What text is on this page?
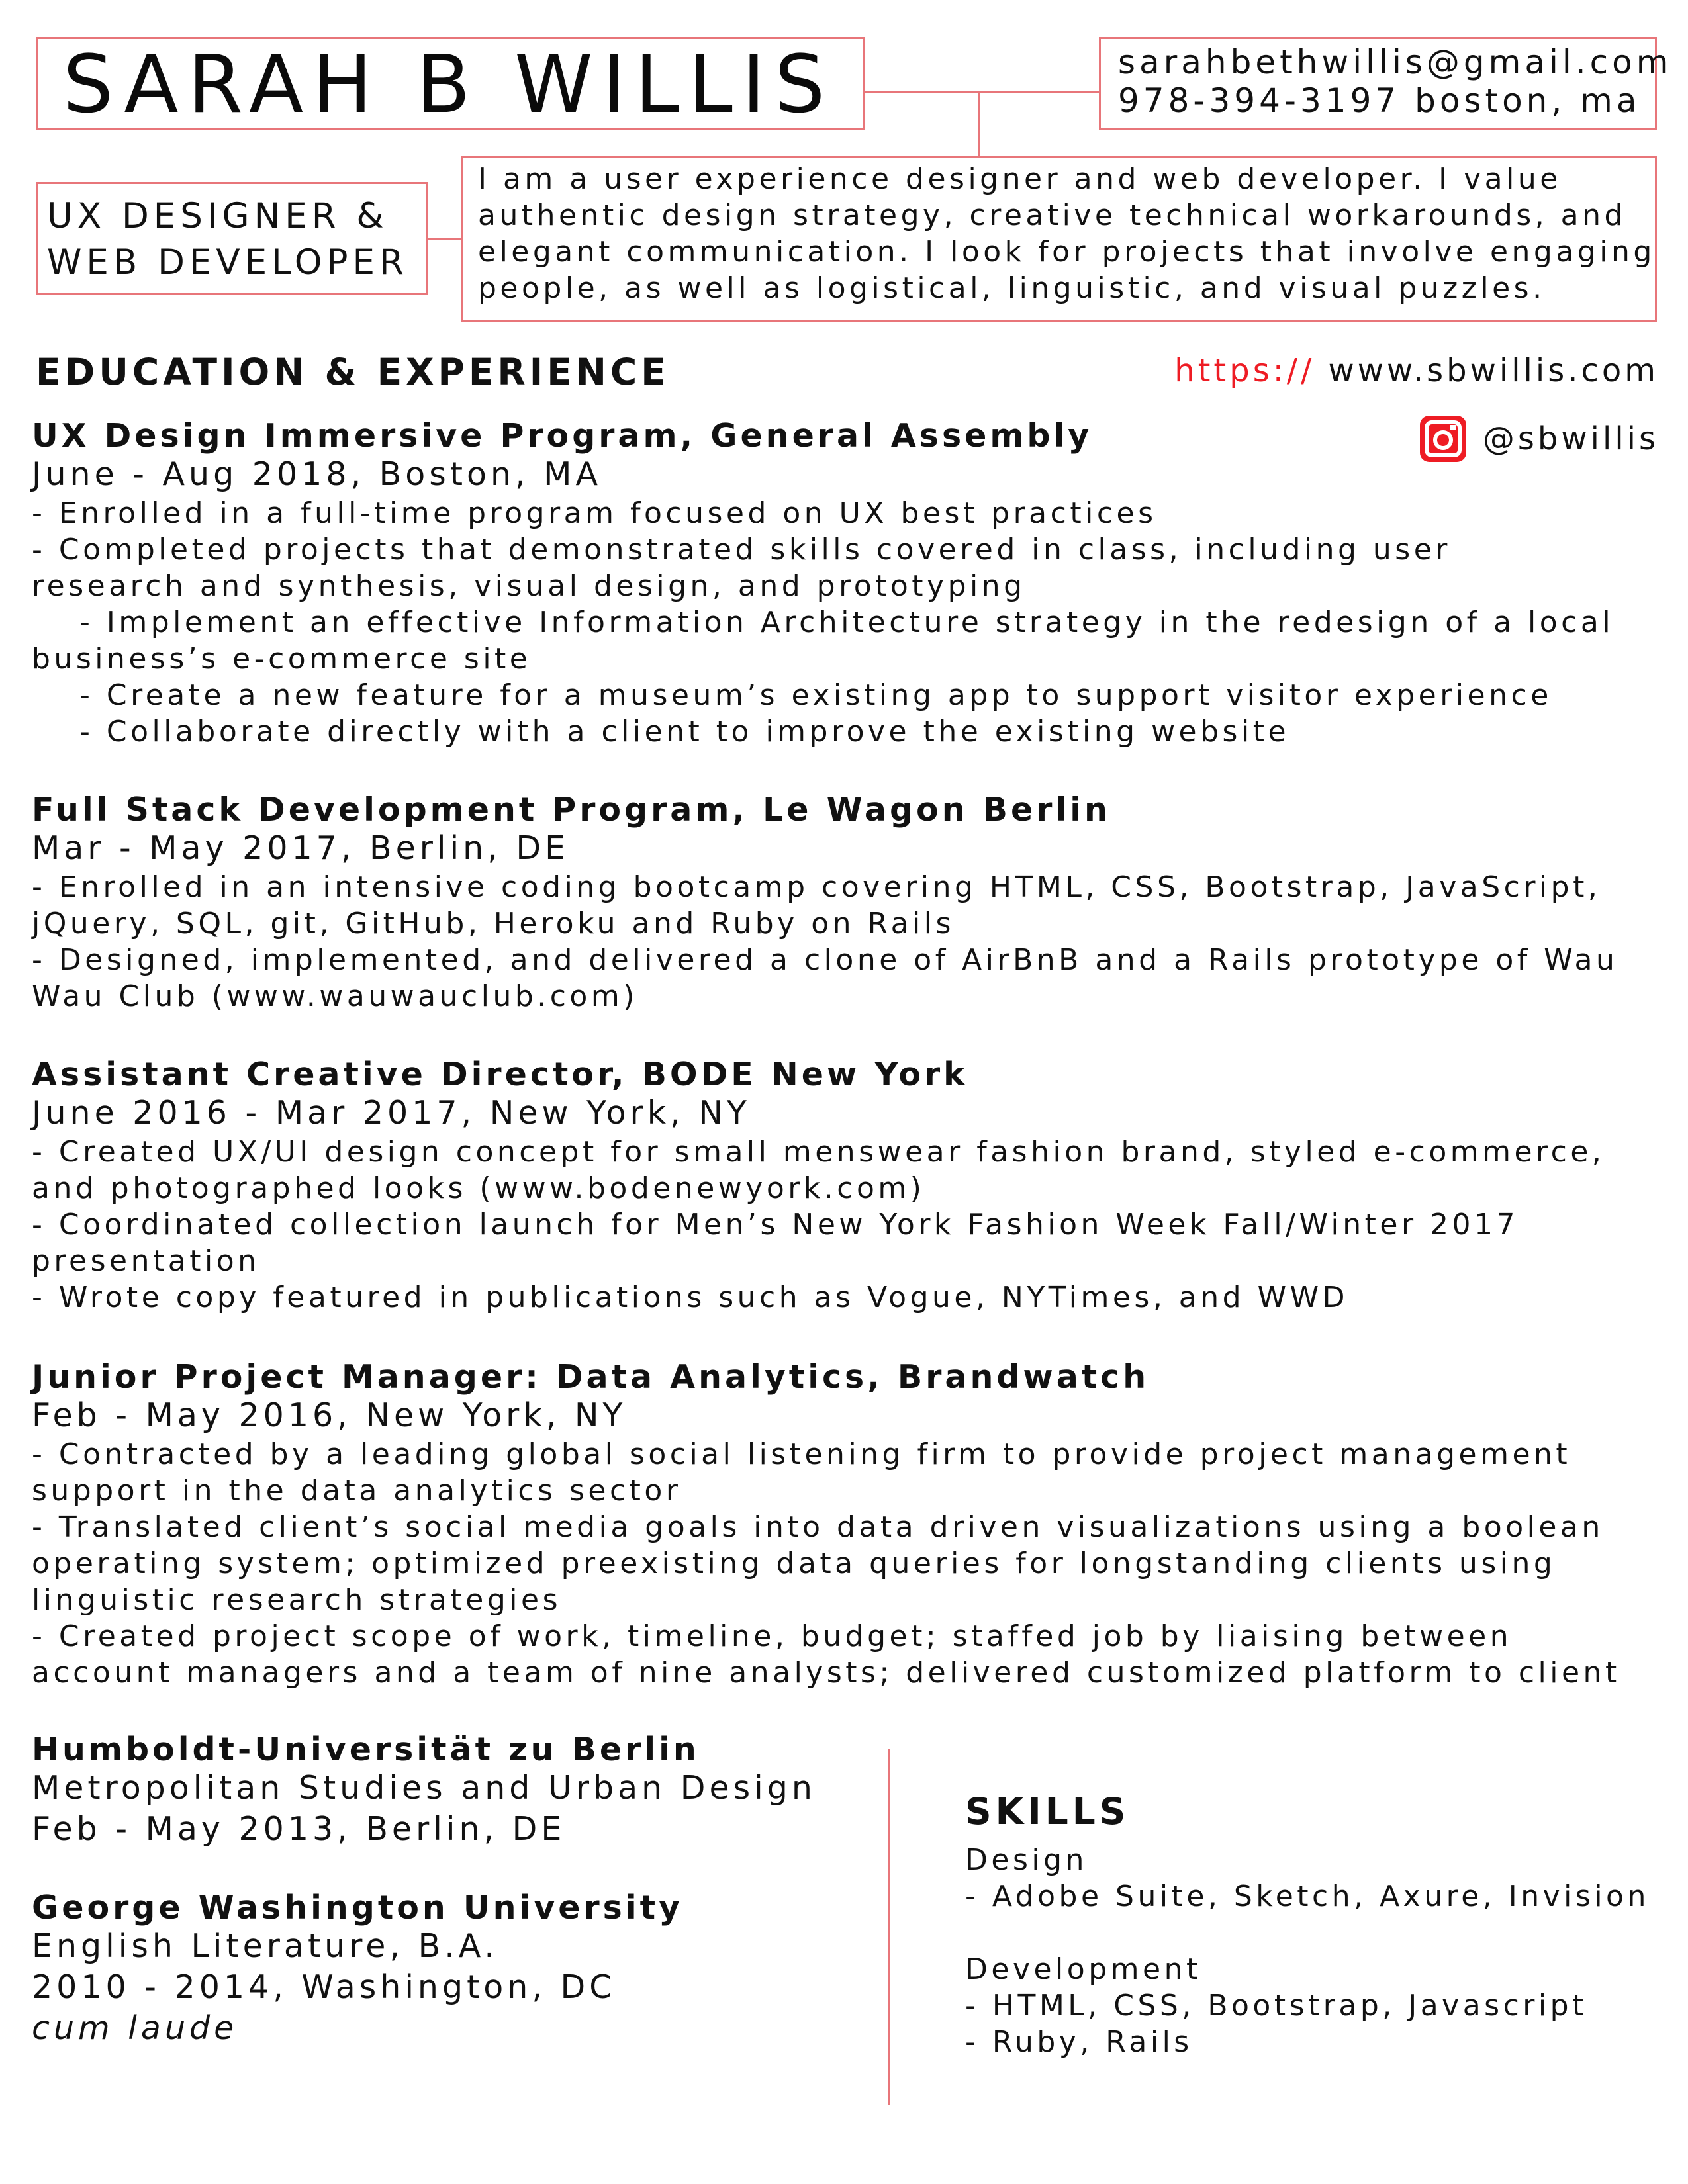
SARAH B WILLIS	sarahbethwillis@gmail.com
978-394-3197 boston, ma
UX DESIGNER &
WEB DEVELOPER
I am a user experience designer and web developer. I value
authentic design strategy, creative technical workarounds, and
elegant communication. I look for projects that involve engaging
people, as well as logistical, linguistic, and visual puzzles.
EDUCATION & EXPERIENCE	https:// www.sbwillis.com
@sbwillis
UX Design Immersive Program, General Assembly
June - Aug 2018, Boston, MA
- Enrolled in a full-time program focused on UX best practices
- Completed projects that demonstrated skills covered in class, including user
research and synthesis, visual design, and prototyping
- Implement an effective Information Architecture strategy in the redesign of a local
business’s e-commerce site
- Create a new feature for a museum’s existing app to support visitor experience
- Collaborate directly with a client to improve the existing website
Full Stack Development Program, Le Wagon Berlin
Mar - May 2017, Berlin, DE
- Enrolled in an intensive coding bootcamp covering HTML, CSS, Bootstrap, JavaScript,
jQuery, SQL, git, GitHub, Heroku and Ruby on Rails
- Designed, implemented, and delivered a clone of AirBnB and a Rails prototype of Wau
Wau Club (www.wauwauclub.com)
Assistant Creative Director, BODE New York
June 2016 - Mar 2017, New York, NY
- Created UX/UI design concept for small menswear fashion brand, styled e-commerce,
and photographed looks (www.bodenewyork.com)
- Coordinated collection launch for Men’s New York Fashion Week Fall/Winter 2017
presentation
- Wrote copy featured in publications such as Vogue, NYTimes, and WWD
Junior Project Manager: Data Analytics, Brandwatch
Feb - May 2016, New York, NY
- Contracted by a leading global social listening firm to provide project management
support in the data analytics sector
- Translated client’s social media goals into data driven visualizations using a boolean
operating system; optimized preexisting data queries for longstanding clients using
linguistic research strategies
- Created project scope of work, timeline, budget; staffed job by liaising between
account managers and a team of nine analysts; delivered customized platform to client
Humboldt-Universität zu Berlin
Metropolitan Studies and Urban Design
Feb - May 2013, Berlin, DE
George Washington University
English Literature, B.A.
2010 - 2014, Washington, DC
cum laude
SKILLS
Design
- Adobe Suite, Sketch, Axure, Invision
Development
- HTML, CSS, Bootstrap, Javascript
- Ruby, Rails
